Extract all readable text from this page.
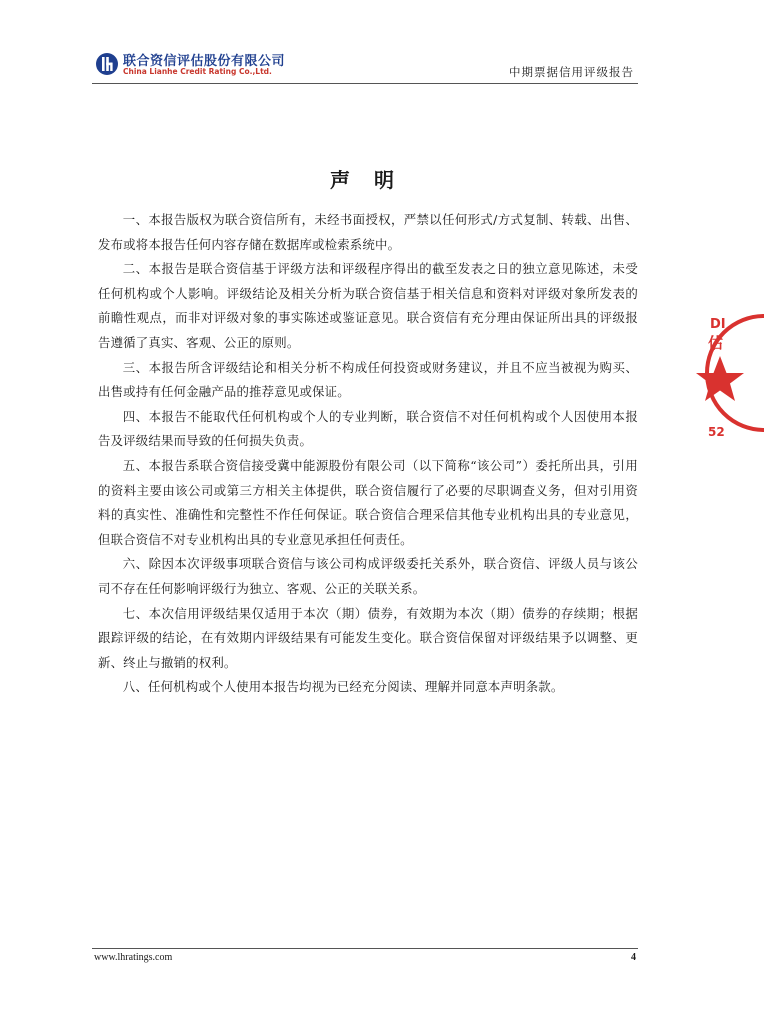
联合资信评估股份有限公司
China Lianhe Credit Rating Co.,Ltd.	中期票据信用评级报告
声明

一、本报告版权为联合资信所有，未经书面授权，严禁以任何形式/方式复制、转载、出售、发布或将本报告任何内容存储在数据库或检索系统中。

二、本报告是联合资信基于评级方法和评级程序得出的截至发表之日的独立意见陈述，未受任何机构或个人影响。评级结论及相关分析为联合资信基于相关信息和资料对评级对象所发表的前瞻性观点，而非对评级对象的事实陈述或鉴证意见。联合资信有充分理由保证所出具的评级报告遵循了真实、客观、公正的原则。

三、本报告所含评级结论和相关分析不构成任何投资或财务建议，并且不应当被视为购买、出售或持有任何金融产品的推荐意见或保证。

四、本报告不能取代任何机构或个人的专业判断，联合资信不对任何机构或个人因使用本报告及评级结果而导致的任何损失负责。

五、本报告系联合资信接受冀中能源股份有限公司（以下简称“该公司”）委托所出具，引用的资料主要由该公司或第三方相关主体提供，联合资信履行了必要的尽职调查义务，但对引用资料的真实性、准确性和完整性不作任何保证。联合资信合理采信其他专业机构出具的专业意见，但联合资信不对专业机构出具的专业意见承担任何责任。

六、除因本次评级事项联合资信与该公司构成评级委托关系外，联合资信、评级人员与该公司不存在任何影响评级行为独立、客观、公正的关联关系。

七、本次信用评级结果仅适用于本次（期）债券，有效期为本次（期）债券的存续期；根据跟踪评级的结论，在有效期内评级结果有可能发生变化。联合资信保留对评级结果予以调整、更新、终止与撤销的权利。

八、任何机构或个人使用本报告均视为已经充分阅读、理解并同意本声明条款。

DI
估
52
www.lhratings.com	4
